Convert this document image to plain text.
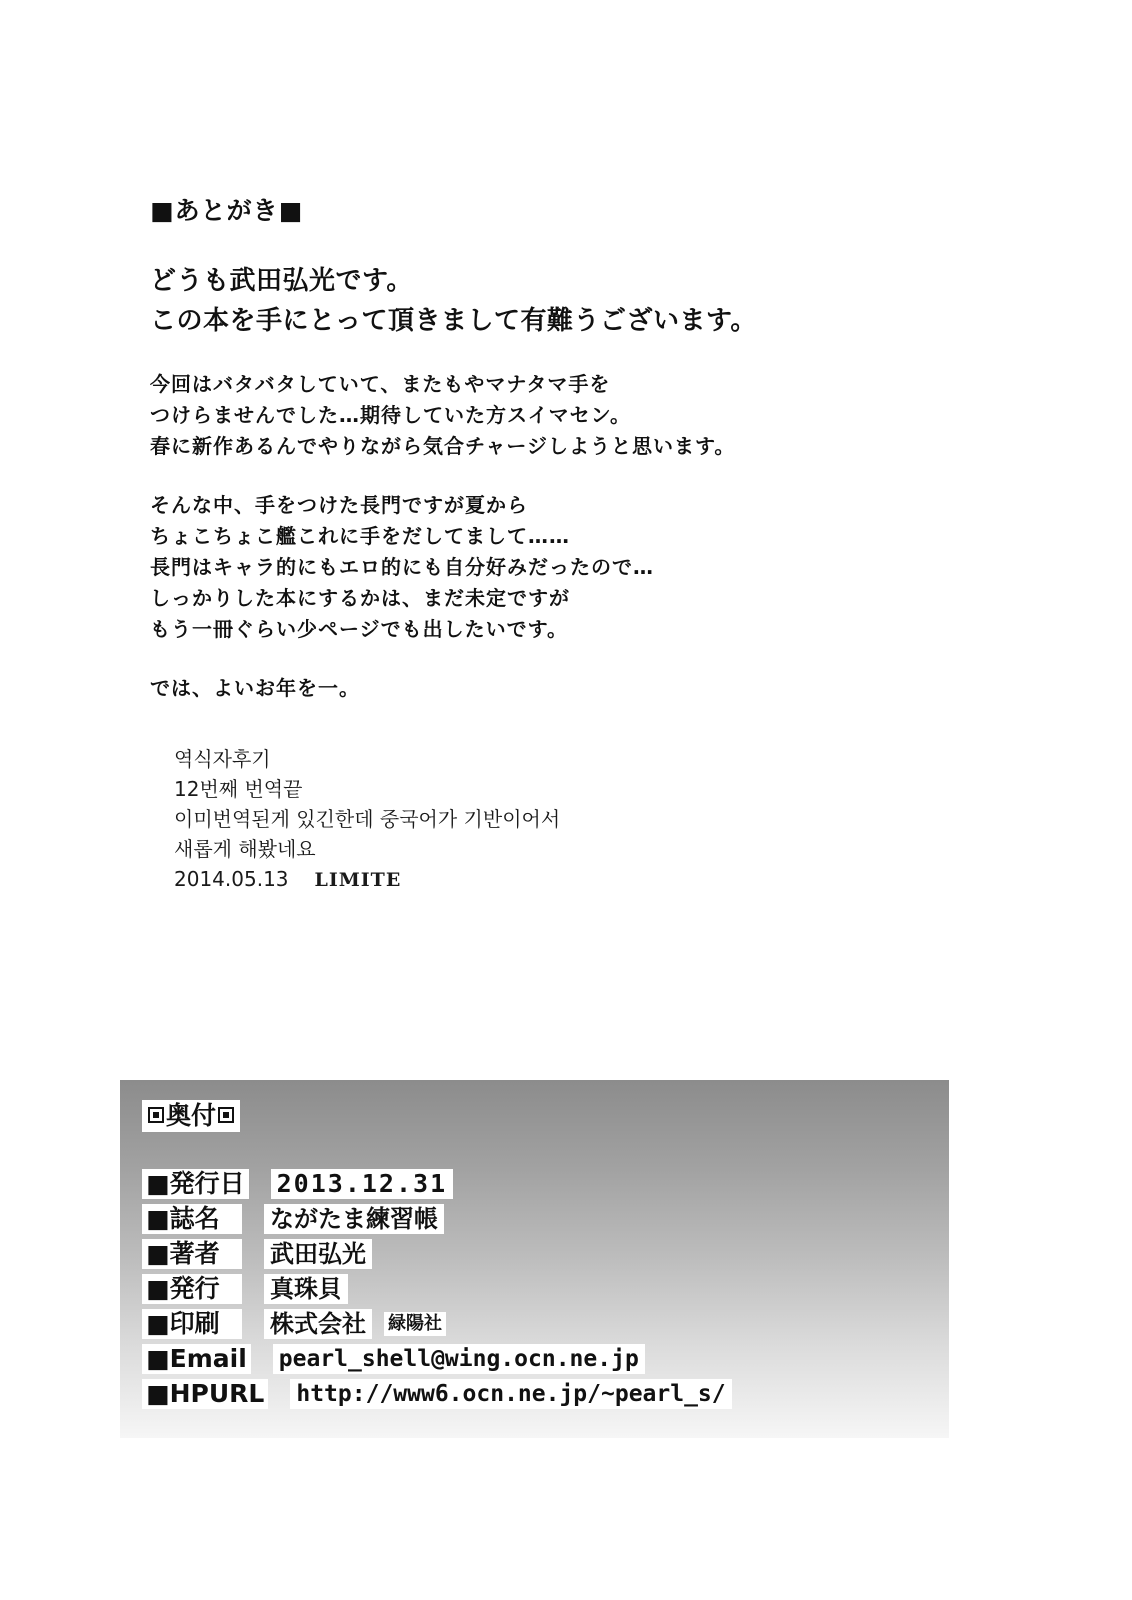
■あとがき■
どうも武田弘光です。
この本を手にとって頂きまして有難うございます。
今回はバタバタしていて、またもやマナタマ手を
つけらませんでした…期待していた方スイマセン。
春に新作あるんでやりながら気合チャージしようと思います。
そんな中、手をつけた長門ですが夏から
ちょこちょこ艦これに手をだしてまして……
長門はキャラ的にもエロ的にも自分好みだったので…
しっかりした本にするかは、まだ未定ですが
もう一冊ぐらい少ページでも出したいです。
では、よいお年を一。
역식자후기
12번째 번역끝
이미번역된게 있긴한데 중국어가 기반이어서
새롭게 해봤네요
2014.05.13 LIMITE
奥付
■発行日 2013.12.31
■誌名	ながたま練習帳
■著者	武田弘光
■発行	真珠貝
■印刷	株式会社	緑陽社
■Email pearl_shell@wing.ocn.ne.jp
■HPURL http://www6.ocn.ne.jp/~pearl_s/
